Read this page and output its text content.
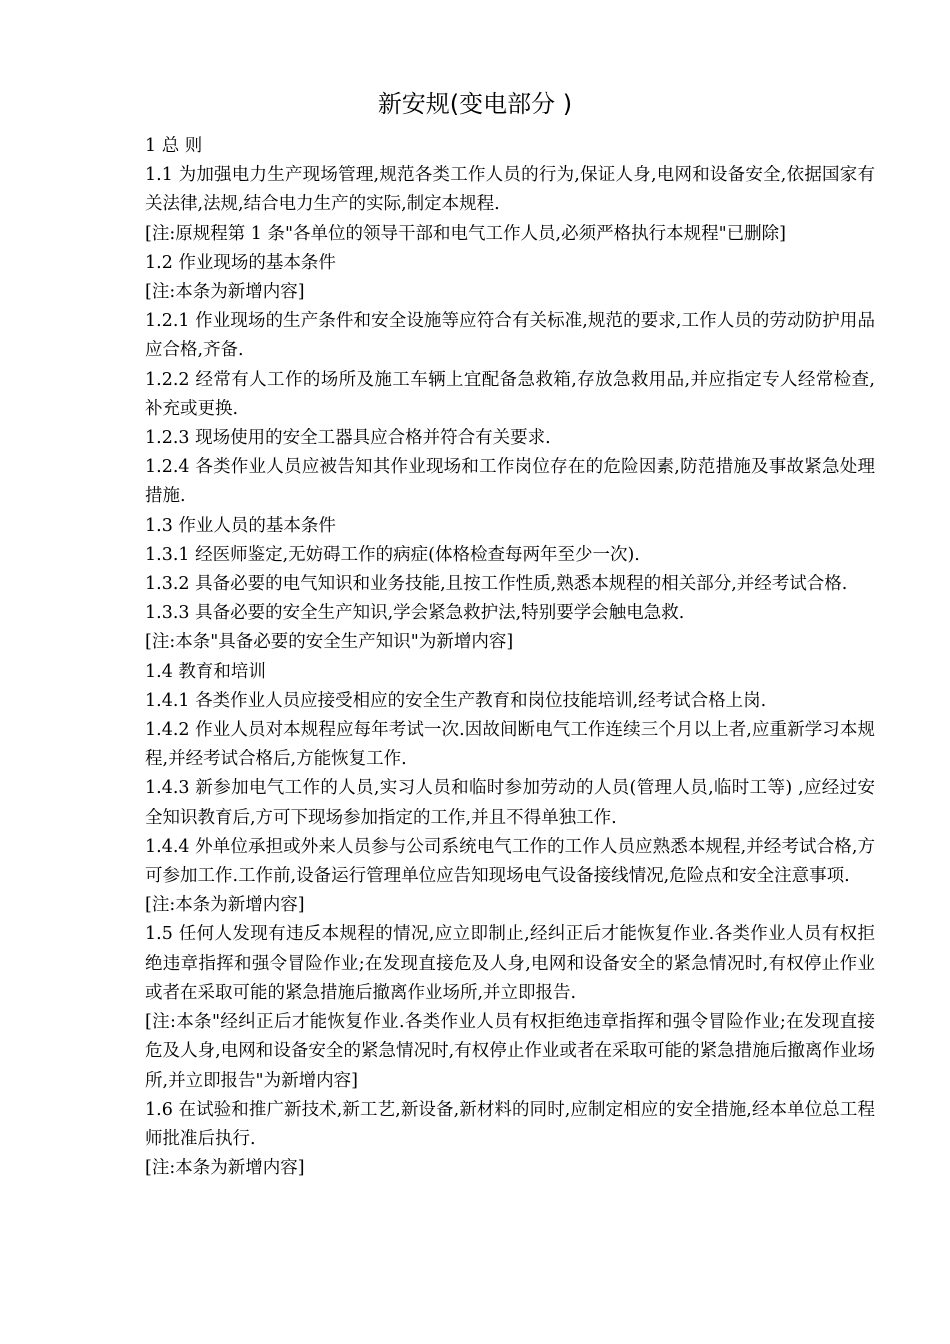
新安规(变电部分 )

1 总 则

1.1 为加强电力生产现场管理,规范各类工作人员的行为,保证人身,电网和设备安全,依据国家有关法律,法规,结合电力生产的实际,制定本规程.

[注:原规程第 1 条"各单位的领导干部和电气工作人员,必须严格执行本规程"已删除]

1.2 作业现场的基本条件

[注:本条为新增内容]

1.2.1 作业现场的生产条件和安全设施等应符合有关标准,规范的要求,工作人员的劳动防护用品应合格,齐备.

1.2.2 经常有人工作的场所及施工车辆上宜配备急救箱,存放急救用品,并应指定专人经常检查,补充或更换.

1.2.3 现场使用的安全工器具应合格并符合有关要求.

1.2.4 各类作业人员应被告知其作业现场和工作岗位存在的危险因素,防范措施及事故紧急处理措施.

1.3 作业人员的基本条件

1.3.1 经医师鉴定,无妨碍工作的病症(体格检查每两年至少一次).

1.3.2 具备必要的电气知识和业务技能,且按工作性质,熟悉本规程的相关部分,并经考试合格.

1.3.3 具备必要的安全生产知识,学会紧急救护法,特别要学会触电急救.

[注:本条"具备必要的安全生产知识"为新增内容]

1.4 教育和培训

1.4.1 各类作业人员应接受相应的安全生产教育和岗位技能培训,经考试合格上岗.

1.4.2 作业人员对本规程应每年考试一次.因故间断电气工作连续三个月以上者,应重新学习本规程,并经考试合格后,方能恢复工作.

1.4.3 新参加电气工作的人员,实习人员和临时参加劳动的人员(管理人员,临时工等) ,应经过安全知识教育后,方可下现场参加指定的工作,并且不得单独工作.

1.4.4 外单位承担或外来人员参与公司系统电气工作的工作人员应熟悉本规程,并经考试合格,方可参加工作.工作前,设备运行管理单位应告知现场电气设备接线情况,危险点和安全注意事项.

[注:本条为新增内容]

1.5 任何人发现有违反本规程的情况,应立即制止,经纠正后才能恢复作业.各类作业人员有权拒绝违章指挥和强令冒险作业;在发现直接危及人身,电网和设备安全的紧急情况时,有权停止作业或者在采取可能的紧急措施后撤离作业场所,并立即报告.

[注:本条"经纠正后才能恢复作业.各类作业人员有权拒绝违章指挥和强令冒险作业;在发现直接危及人身,电网和设备安全的紧急情况时,有权停止作业或者在采取可能的紧急措施后撤离作业场所,并立即报告"为新增内容]

1.6 在试验和推广新技术,新工艺,新设备,新材料的同时,应制定相应的安全措施,经本单位总工程师批准后执行.

[注:本条为新增内容]
